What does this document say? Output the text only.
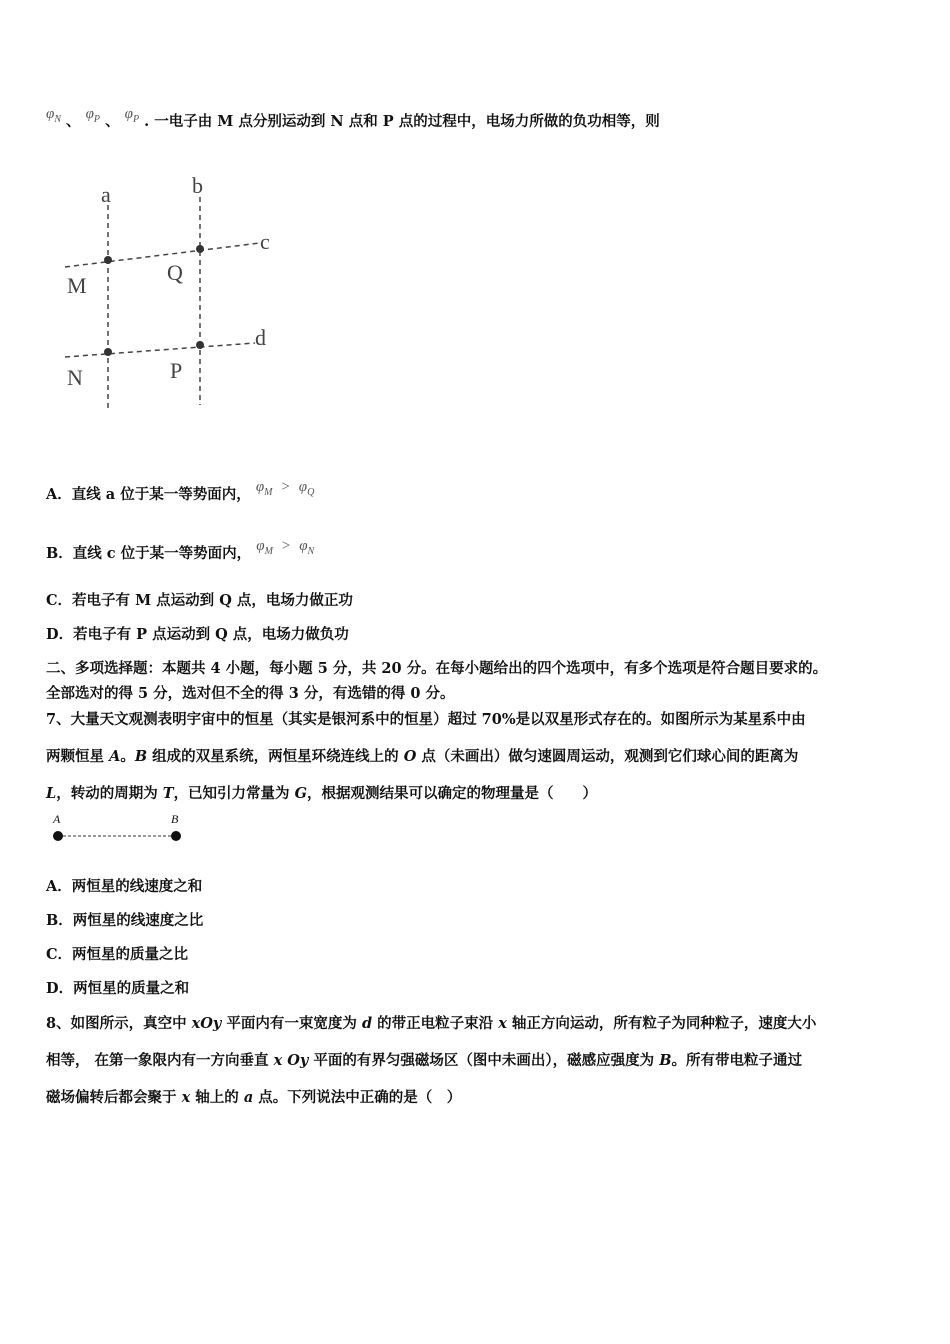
$\varphi_N$ 、 $\varphi_P$ 、 $\varphi_P$ . 一电子由 M 点分别运动到 N 点和 P 点的过程中，电场力所做的负功相等，则
a	b
c
d
M
Q
N	P
A．直线 a 位于某一等势面内， $\varphi_M > \varphi_Q$
B．直线 c 位于某一等势面内， $\varphi_M > \varphi_N$
C．若电子有 M 点运动到 Q 点，电场力做正功
D．若电子有 P 点运动到 Q 点，电场力做负功
二、多项选择题：本题共 4 小题，每小题 5 分，共 20 分。在每小题给出的四个选项中，有多个选项是符合题目要求的。
全部选对的得 5 分，选对但不全的得 3 分，有选错的得 0 分。
7、大量天文观测表明宇宙中的恒星（其实是银河系中的恒星）超过 70%是以双星形式存在的。如图所示为某星系中由
两颗恒星 A。B 组成的双星系统，两恒星环绕连线上的 O 点（未画出）做匀速圆周运动，观测到它们球心间的距离为
L，转动的周期为 T，已知引力常量为 G，根据观测结果可以确定的物理量是（　　）
A	B
A．两恒星的线速度之和
B．两恒星的线速度之比
C．两恒星的质量之比
D．两恒星的质量之和
8、如图所示，真空中 xOy 平面内有一束宽度为 d 的带正电粒子束沿 x 轴正方向运动，所有粒子为同种粒子，速度大小
相等， 在第一象限内有一方向垂直 x Oy 平面的有界匀强磁场区（图中未画出），磁感应强度为 B。所有带电粒子通过
磁场偏转后都会聚于 x 轴上的 a 点。下列说法中正确的是（　）
